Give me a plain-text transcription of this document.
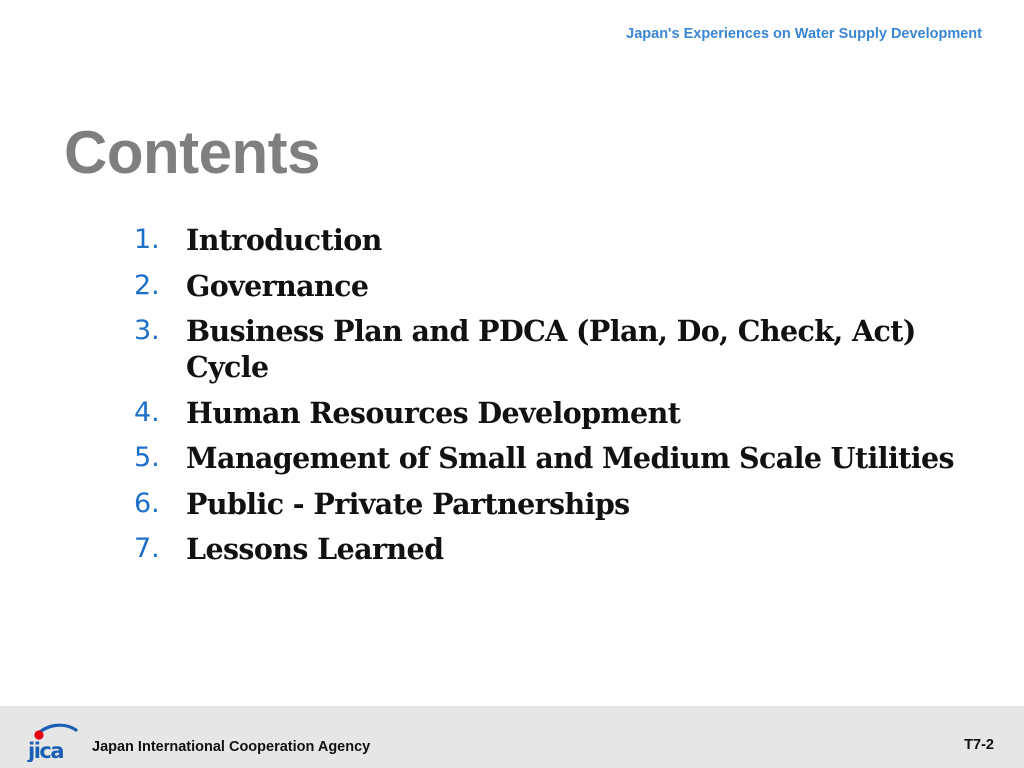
Japan's Experiences on Water Supply Development
Contents
1. Introduction
2. Governance
3. Business Plan and PDCA (Plan, Do, Check, Act) Cycle
4. Human Resources Development
5. Management of Small and Medium Scale Utilities
6. Public - Private Partnerships
7. Lessons Learned
jica Japan International Cooperation Agency	T7-2
